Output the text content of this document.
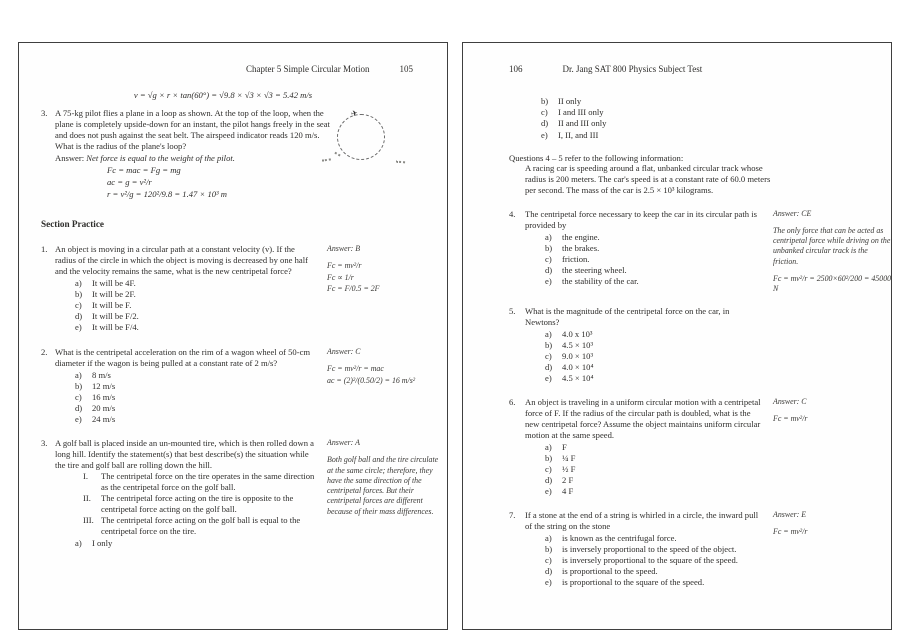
Chapter 5 Simple Circular Motion	105
v = √g × r × tan(60°) = √9.8 × √3 × √3 = 5.42 m/s
3. A 75-kg pilot flies a plane in a loop as shown. At the top of the loop, when the plane is completely upside-down for an instant, the pilot hangs freely in the seat and does not push against the seat belt. The airspeed indicator reads 120 m/s. What is the radius of the plane's loop?
Answer: Net force is equal to the weight of the pilot.
Fc = mac = Fg = mg
ac = g = v²/r
r = v²/g = 120²/9.8 = 1.47 × 10³ m
✈
Section Practice
1. An object is moving in a circular path at a constant velocity (v). If the radius of the circle in which the object is moving is decreased by one half and the velocity remains the same, what is the new centripetal force?
a)	It will be 4F.
b)	It will be 2F.
c)	It will be F.
d)	It will be F/2.
e)	It will be F/4.
Answer: B
Fc = mv²/r
Fc ∝ 1/r
Fc = F/0.5 = 2F
2. What is the centripetal acceleration on the rim of a wagon wheel of 50-cm diameter if the wagon is being pulled at a constant rate of 2 m/s?
a)	8 m/s
b)	12 m/s
c)	16 m/s
d)	20 m/s
e)	24 m/s
Answer: C
Fc = mv²/r = mac
ac = (2)²/(0.50/2) = 16 m/s²
3. A golf ball is placed inside an un-mounted tire, which is then rolled down a long hill. Identify the statement(s) that best describe(s) the situation while the tire and golf ball are rolling down the hill.
I.	The centripetal force on the tire operates in the same direction as the centripetal force on the golf ball.
II.	The centripetal force acting on the tire is opposite to the centripetal force acting on the golf ball.
III. The centripetal force acting on the golf ball is equal to the centripetal force on the tire.
a)	I only
Answer: A
Both golf ball and the tire circulate at the same circle; therefore, they have the same direction of the centripetal forces. But their centripetal forces are different because of their mass differences.
106	Dr. Jang SAT 800 Physics Subject Test
b)	II only
c)	I and III only
d)	II and III only
e)	I, II, and III
Questions 4 – 5 refer to the following information:
A racing car is speeding around a flat, unbanked circular track whose radius is 200 meters. The car's speed is at a constant rate of 60.0 meters per second. The mass of the car is 2.5 × 10³ kilograms.
4.	The centripetal force necessary to keep the car in its circular path is provided by
a)	the engine.
b)	the brakes.
c)	friction.
d)	the steering wheel.
e)	the stability of the car.
Answer: CE
The only force that can be acted as centripetal force while driving on the unbanked circular track is the friction.
Fc = mv²/r = 2500×60²/200 = 45000 N
5.	What is the magnitude of the centripetal force on the car, in Newtons?
a)	4.0 x 10³
b)	4.5 × 10³
c)	9.0 × 10³
d)	4.0 × 10⁴
e)	4.5 × 10⁴
6.	An object is traveling in a uniform circular motion with a centripetal force of F. If the radius of the circular path is doubled, what is the new centripetal force? Assume the object maintains uniform circular motion at the same speed.
a)	F
b)	¼ F
c)	½ F
d)	2 F
e)	4 F
Answer: C
Fc = mv²/r
7.	If a stone at the end of a string is whirled in a circle, the inward pull of the string on the stone
a)	is known as the centrifugal force.
b)	is inversely proportional to the speed of the object.
c)	is inversely proportional to the square of the speed.
d)	is proportional to the speed.
e)	is proportional to the square of the speed.
Answer: E
Fc = mv²/r
